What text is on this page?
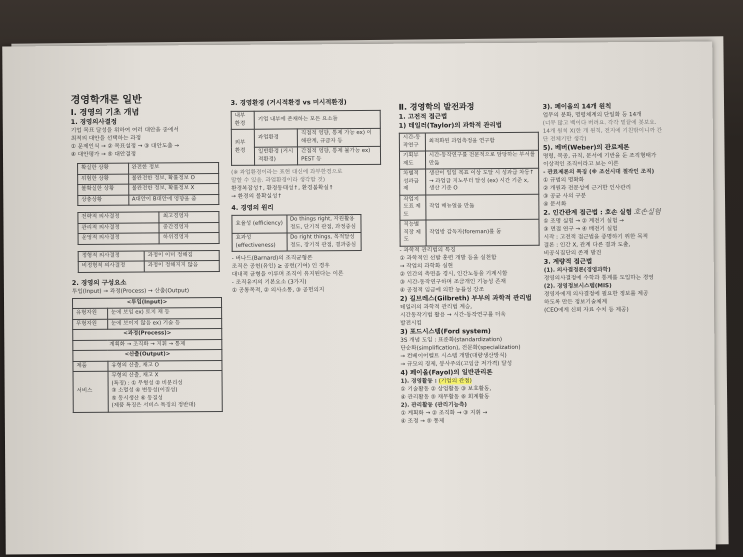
경영학개론 일반
Ⅰ. 경영의 기초 개념
1. 경영의사결정
기업 목표 달성을 위하여 여러 대안을 중에서
최적의 대안을 선택하는 과정
① 문제인식 → ② 목표설정 → ③ 대안도출 →
④ 대안평가 → ⑤ 대안결정
확실한 상황	완전한 정보
위험한 상황	불완전한 정보, 확률정보 O
불확실한 상황	불완전한 정보, 확률정보 X
상충상황	A대안이 B대안에 영향을 줌
전략적 의사결정	최고경영자
관리적 의사결정	중간경영자
운영적 의사결정	하위경영자
정형적 의사결정	과정이 이미 정해짐
비정형적 의사결정	과정이 정해지지 않음
2. 경영의 구성요소
투입(Input) → 과정(Process) → 산출(Output)
<투입(Input)>	
유형자원	눈에 보임 ex) 토지 재 등
무형자원	눈에 보이지 않음 ex) 기술 등
<과정(Process)>	
계획화 → 조직화 → 지휘 → 통제	
<산출(Output)>	
제품	유형의 산출, 재고 O
서비스	무형의 산출, 재고 X
(특징) : ① 무형성 ② 비분리성
③ 소멸성 ④ 변동성(이질성)
⑤ 동시생산 ⑥ 동질성
(제품 특징은 서비스 특징의 정반대)
3. 경영환경 (거시적환경 vs 미시적환경)
내부 환경	기업 내부에 존재하는 모든 요소들	
외부 환경	과업환경	직접적 영향, 통제 가능 ex) 이해관계, 규금자 등
	일반환경 (거시적환경)	간접적 영향, 통제 불가능 ex) PEST 등
(※ 과업환경이라는 표현 대신에 과부한경으로
말할 수 있음. 과업환경이라 생각할 것)
환경복잡성↑, 환경동태성↑, 환경불확실↑
→ 환경의 불확실성↑
4. 경영의 원리
효율성 (efficiency)	Do things right, 자원활용정도, 단기적 관점, 과정중심
효과성 (effectiveness)	Do right things, 목적달성정도, 장기적 관점, 결과중심
- 버나드(Barnard)의 조직균형론
조직은 공헌(유인) ≥ 공헌(기여) 인 경우
대내적 균형을 이루며 조직이 유지된다는 이론
- 조직유지의 기본요소 (3가지)
① 공통목적, ② 의사소통, ③ 공헌의지
Ⅱ. 경영학의 발전과정
1. 고전적 접근법
1) 테일러(Taylor)의 과학적 관리법
시간-동작연구	최적화된 과업측정을 연구함
기획부제도	시간-동작연구를 전문적으로 담당하는 부서를 만듦
차별적 성과급제	생산이 일일 목표 이상 도달 시 성과급 차등↑ → 과업급 지노부터 달성 (ex) 시간 기준 x, 생산 기준 O
작업지도표 제도	작업 매뉴얼을 만듦
직능별직장 제도	작업방 감독자(foreman)를 둠
- 과학적 관리법의 특징
① 과학적인 선발 훈련 개발 등을 실천함
→ 작업의 과학화 실현
② 인간의 측면을 경시, 인간노동을 기계시함
③ 시간-동작연구하며 조금개인 기능성 존재
④ 공정적 임금에 의한 능률성 강조
2) 길브레스(Gilbreth) 부부의 과학적 관리법
테일러의 과학적 관리법 계승,
시간동작기법 활용 → 시간-동작연구를 더욱
발전시킴
3) 포드시스템(Ford system)
3S 개념 도입 : 표준화(standardization)
단순화(simplification), 전문화(specialization)
→ 컨베이어벨트 시스템 개발(대량생산방식)
→ 규모의 경제, 봉사주의(고임금 저가격) 달성
4) 페이올(Fayol)의 일반관리론
1). 경영활동 : (기업의 관점)
① 기술활동 ② 상업활동 ③ 보호활동,
④ 관리활동 ⑤ 재무활동 ⑥ 회계활동
2). 관리활동 (관리기능측)
① 계획화 → ② 조직화 → ③ 지휘 →
④ 조정 → ⑤ 통제
3). 페이올의 14개 원칙
업무의 분화, 명령체계의 단일화 등 14개
(너무 많고 백이다 버려요. 각각 밑끝에 봇보요.
14개 원칙 X(한 개 원칙, 전지에 기친밖이니까 간
단 전체기만 생각)
5). 베버(Weber)의 관료제론
명령, 복종, 규칙, 문서에 기반을 둔 조직형태가
이상적인 조직이라고 보는 이론
- 관료제론의 특징 (※ 조선시대 절작인 조직)
① 규범의 명확화
② 개원과 전문성에 근거한 인사관리
③ 공균 사의 구분
④ 문서화
2. 인간관계 접근법 : 호손 실험 호손실험
① 조명 실험 → ② 계전기 실험 →
③ 면접 연구 → ④ 배전기 실험
시작 : 고전적 접근법을 증명하기 위한 목적
결론 : 인간 X, 관계 다른 결과 도출,
비공식집단의 존재 발견
3. 계량적 접근법
(1). 의사결정론(경영과학)
경영의사결정에 수학과 통계를 도입하는 경영
(2). 경영정보시스템(MIS)
경영자에게 의사결정에 필요한 정보를 제공
하도록 만든 정보기술체계
(CEO에게 신뢰 자료 수치 등 제공)
